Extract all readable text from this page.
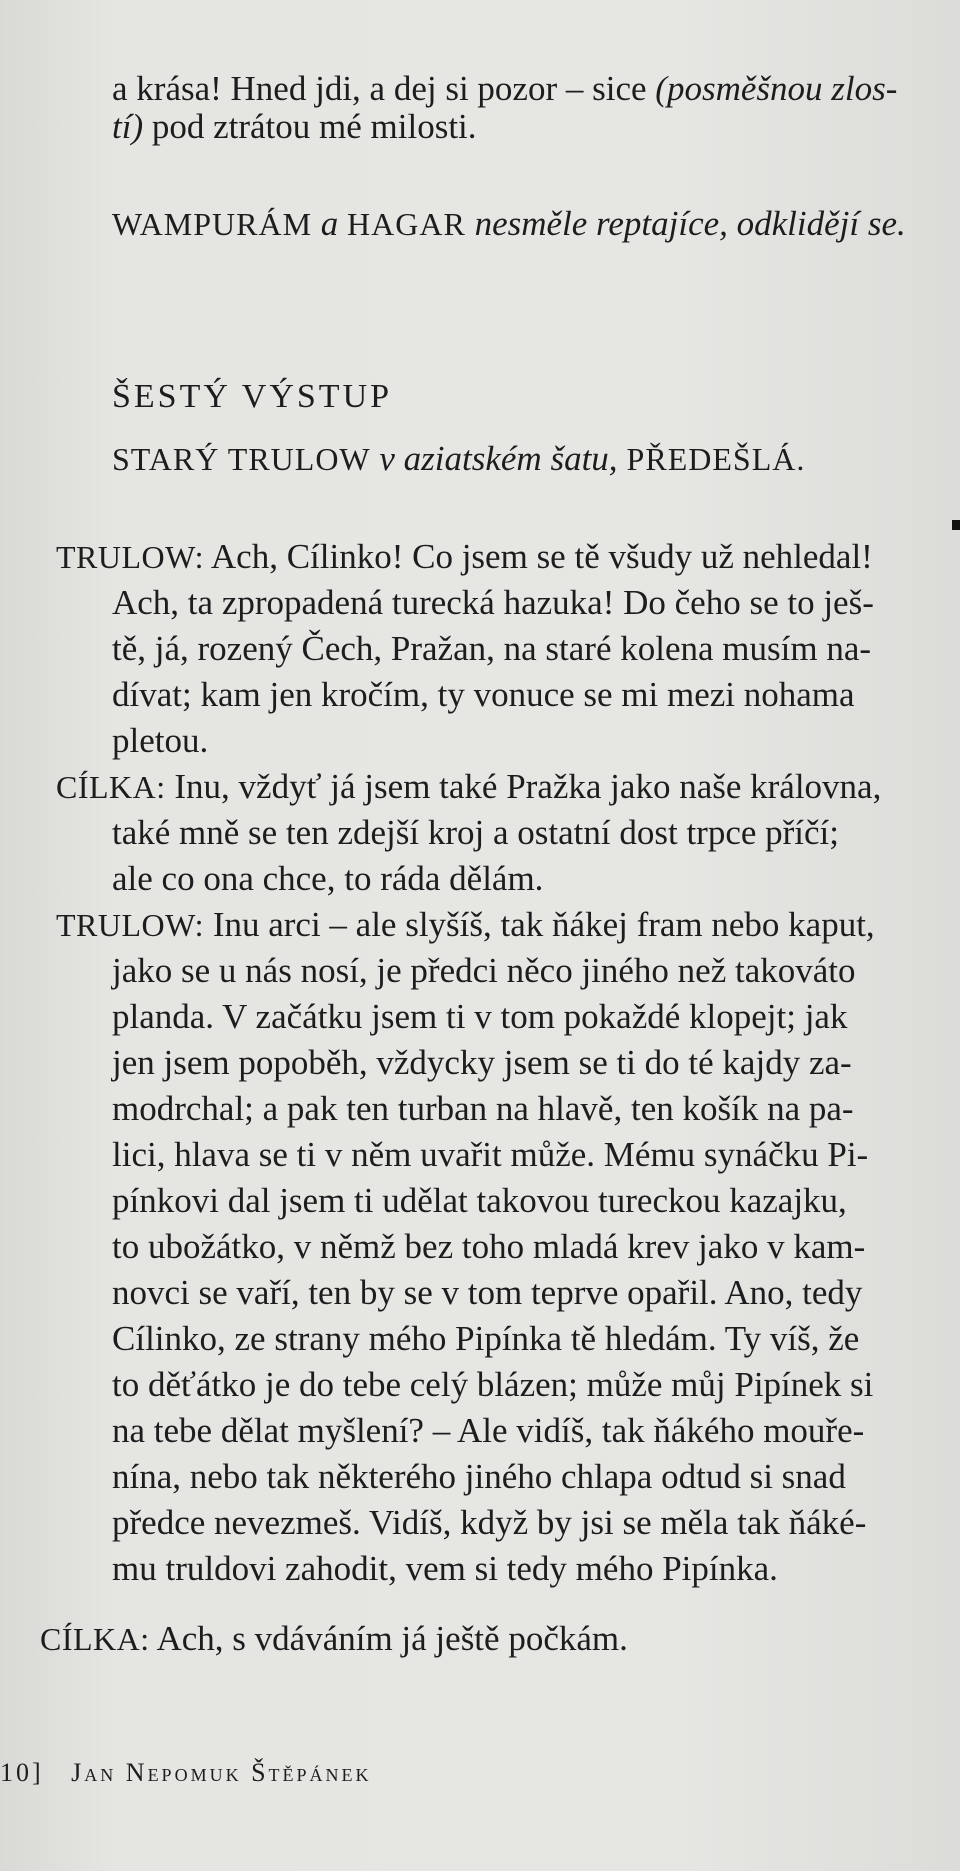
a krása! Hned jdi, a dej si pozor – sice (posměšnou zlos-
tí) pod ztrátou mé milosti.
WAMPURÁM a HAGAR nesměle reptajíce, odklidějí se.
ŠESTÝ VÝSTUP
STARÝ TRULOW v aziatském šatu, PŘEDEŠLÁ.
TRULOW: Ach, Cílinko! Co jsem se tě všudy už nehledal!
Ach, ta zpropadená turecká hazuka! Do čeho se to ješ-
tě, já, rozený Čech, Pražan, na staré kolena musím na-
dívat; kam jen kročím, ty vonuce se mi mezi nohama
pletou.
CÍLKA: Inu, vždyť já jsem také Pražka jako naše královna,
také mně se ten zdejší kroj a ostatní dost trpce příčí;
ale co ona chce, to ráda dělám.
TRULOW: Inu arci – ale slyšíš, tak ňákej fram nebo kaput,
jako se u nás nosí, je předci něco jiného než takováto
planda. V začátku jsem ti v tom pokaždé klopejt; jak
jen jsem popoběh, vždycky jsem se ti do té kajdy za-
modrchal; a pak ten turban na hlavě, ten košík na pa-
lici, hlava se ti v něm uvařit může. Mému synáčku Pi-
pínkovi dal jsem ti udělat takovou tureckou kazajku,
to ubožátko, v němž bez toho mladá krev jako v kam-
novci se vaří, ten by se v tom teprve opařil. Ano, tedy
Cílinko, ze strany mého Pipínka tě hledám. Ty víš, že
to děťátko je do tebe celý blázen; může můj Pipínek si
na tebe dělat myšlení? – Ale vidíš, tak ňákého mouře-
nína, nebo tak některého jiného chlapa odtud si snad
předce nevezmeš. Vidíš, když by jsi se měla tak ňáké-
mu truldovi zahodit, vem si tedy mého Pipínka.
CÍLKA: Ach, s vdáváním já ještě počkám.
10] Jan Nepomuk Štěpánek
